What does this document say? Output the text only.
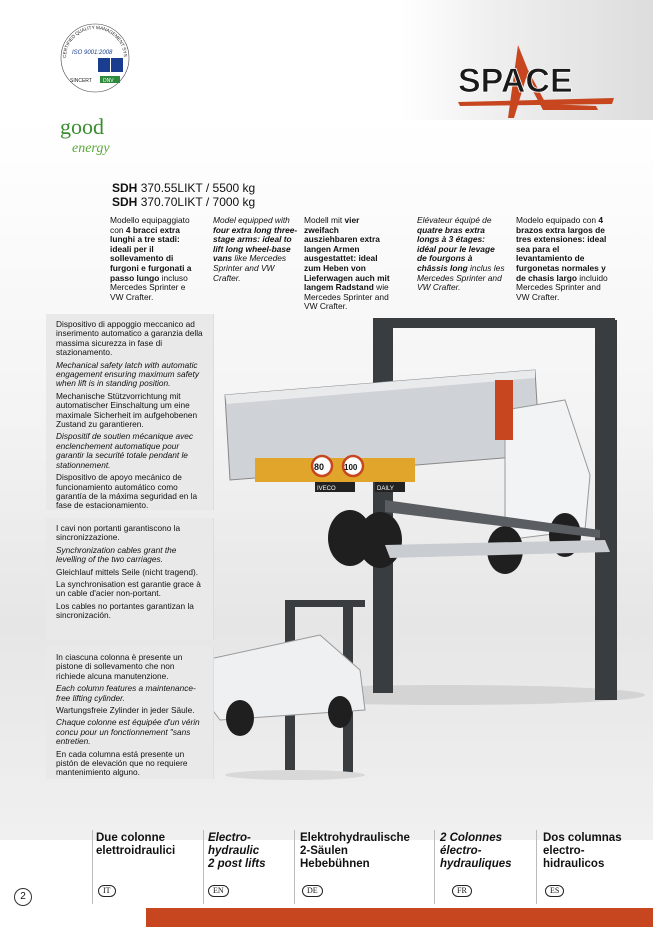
CERTIFIED QUALITY MANAGEMENT SYS
ISO 9001:2008
SINCERT DNV
good
energy
SPACE
SDH 370.55LIKT / 5500 kg
SDH 370.70LIKT / 7000 kg
Modello equipaggiato con 4 bracci extra lunghi a tre stadi: ideali per il sollevamento di furgoni e furgonati a passo lungo incluso Mercedes Sprinter e VW Crafter.
Model equipped with four extra long three-stage arms: ideal to lift long wheel-base vans like Mercedes Sprinter and VW Crafter.
Modell mit vier zweifach ausziehbaren extra langen Armen ausgestattet: ideal zum Heben von Lieferwagen auch mit langem Radstand wie Mercedes Sprinter and VW Crafter.
Elévateur équipé de quatre bras extra longs à 3 étages: idéal pour le levage de fourgons à châssis long inclus les Mercedes Sprinter and VW Crafter.
Modelo equipado con 4 brazos extra largos de tres extensiones: ideal sea para el levantamiento de furgonetas normales y de chasis largo incluido Mercedes Sprinter and VW Crafter.
80 100
IVECO	DAILY

Dispositivo di appoggio meccanico ad inserimento automatico a garanzia della massima sicurezza in fase di stazionamento.

Mechanical safety latch with automatic engagement ensuring maximum safety when lift is in standing position.

Mechanische Stützvorrichtung mit automatischer Einschaltung um eine maximale Sicherheit im aufgehobenen Zustand zu garantieren.

Dispositif de soutien mécanique avec enclenchement automatique pour garantir la securité totale pendant le stationnement.

Dispositivo de apoyo mecánico de funcionamiento automático como garantía de la máxima seguridad en la fase de estacionamiento.

I cavi non portanti garantiscono la sincronizzazione.

Synchronization cables grant the levelling of the two carriages.

Gleichlauf mittels Seile (nicht tragend).

La synchronisation est garantie grace à un cable d'acier non-portant.

Los cables no portantes garantizan la sincronización.

In ciascuna colonna è presente un pistone di sollevamento che non richiede alcuna manutenzione.

Each column features a maintenance-free lifting cylinder.

Wartungsfreie Zylinder in jeder Säule.

Chaque colonne est équipée d'un vérin concu pour un fonctionnement "sans entretien.

En cada columna está presente un pistón de elevación que no requiere mantenimiento alguno.

Due colonne
elettroidraulici
IT
Electro-
hydraulic
2 post lifts
EN
Elektrohydraulische
2-Säulen
Hebebühnen
DE
2 Colonnes
électro-
hydrauliques
FR
Dos columnas
electro-
hidraulicos
ES
2
